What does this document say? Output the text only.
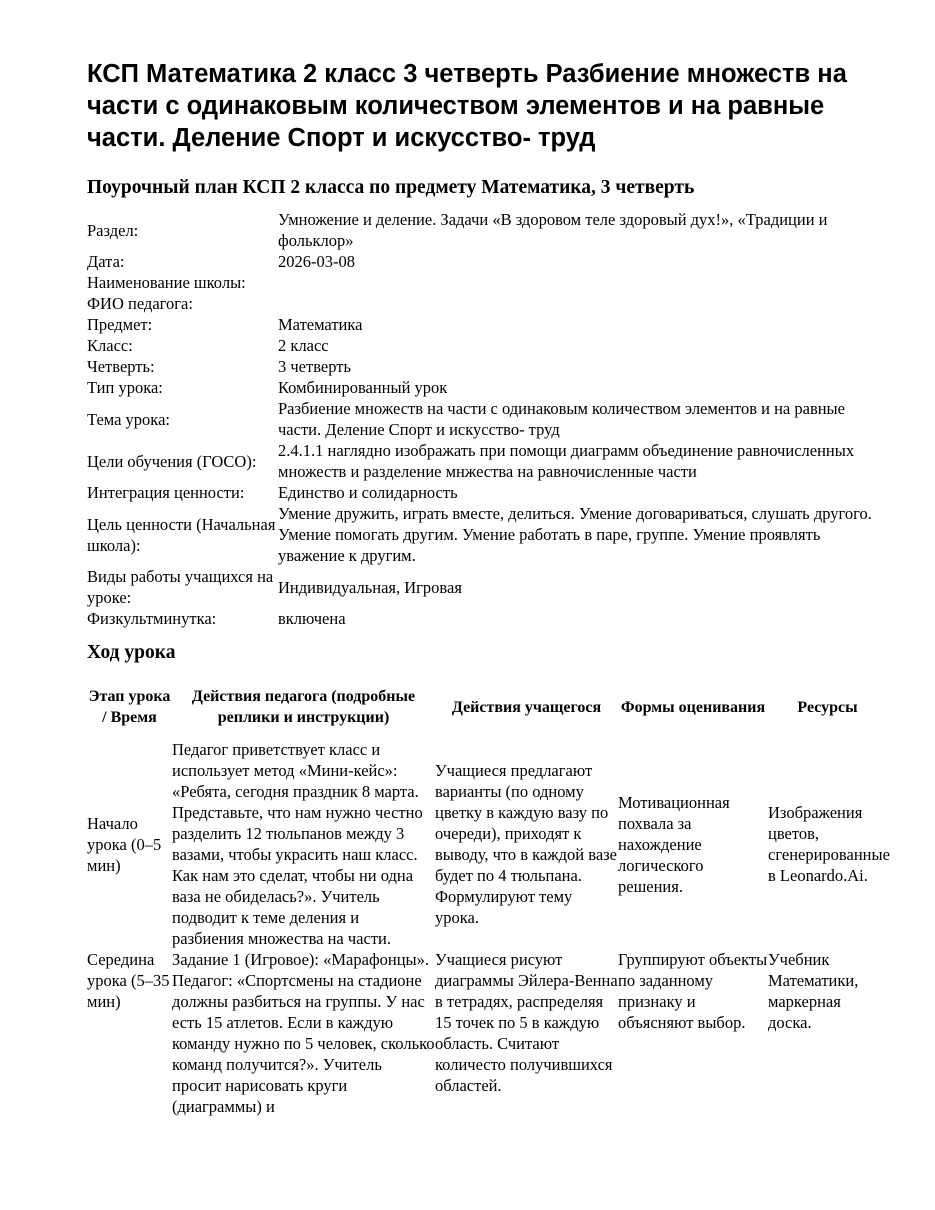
КСП Математика 2 класс 3 четверть Разбиение множеств на части с одинаковым количеством элементов и на равные части. Деление Спорт и искусство- труд
Поурочный план КСП 2 класса по предмету Математика, 3 четверть
Раздел:	Умножение и деление. Задачи «В здоровом теле здоровый дух!», «Традиции и фольклор»
Дата:	2026-03-08
Наименование школы:	
ФИО педагога:	
Предмет:	Математика
Класс:	2 класс
Четверть:	3 четверть
Тип урока:	Комбинированный урок
Тема урока:	Разбиение множеств на части с одинаковым количеством элементов и на равные части. Деление Спорт и искусство- труд
Цели обучения (ГОСО):	2.4.1.1 наглядно изображать при помощи диаграмм объединение равночисленных множеств и разделение мнжества на равночисленные части
Интеграция ценности:	Единство и солидарность
Цель ценности (Начальная школа):	Умение дружить, играть вместе, делиться. Умение договариваться, слушать другого. Умение помогать другим. Умение работать в паре, группе. Умение проявлять уважение к другим.
Виды работы учащихся на уроке:	Индивидуальная, Игровая
Физкультминутка:	включена
Ход урока
Этап урока / Время	Действия педагога (подробные реплики и инструкции)	Действия учащегося	Формы оценивания	Ресурсы
Начало урока (0–5 мин)	Педагог приветствует класс и использует метод «Мини-кейс»: «Ребята, сегодня праздник 8 марта. Представьте, что нам нужно честно разделить 12 тюльпанов между 3 вазами, чтобы украсить наш класс. Как нам это сделат, чтобы ни одна ваза не обиделась?». Учитель подводит к теме деления и разбиения множества на части.	Учащиеся предлагают варианты (по одному цветку в каждую вазу по очереди), приходят к выводу, что в каждой вазе будет по 4 тюльпана. Формулируют тему урока.	Мотивационная похвала за нахождение логического решения.	Изображения цветов, сгенерированные в Leonardo.Ai.
Середина урока (5–35 мин)	Задание 1 (Игровое): «Марафонцы». Педагог: «Спортсмены на стадионе должны разбиться на группы. У нас есть 15 атлетов. Если в каждую команду нужно по 5 человек, сколько команд получится?». Учитель просит нарисовать круги (диаграммы) и	Учащиеся рисуют диаграммы Эйлера-Венна в тетрадях, распределяя 15 точек по 5 в каждую область. Считают количесто получившихся областей.	Группируют объекты по заданному признаку и объясняют выбор.	Учебник Математики, маркерная доска.
